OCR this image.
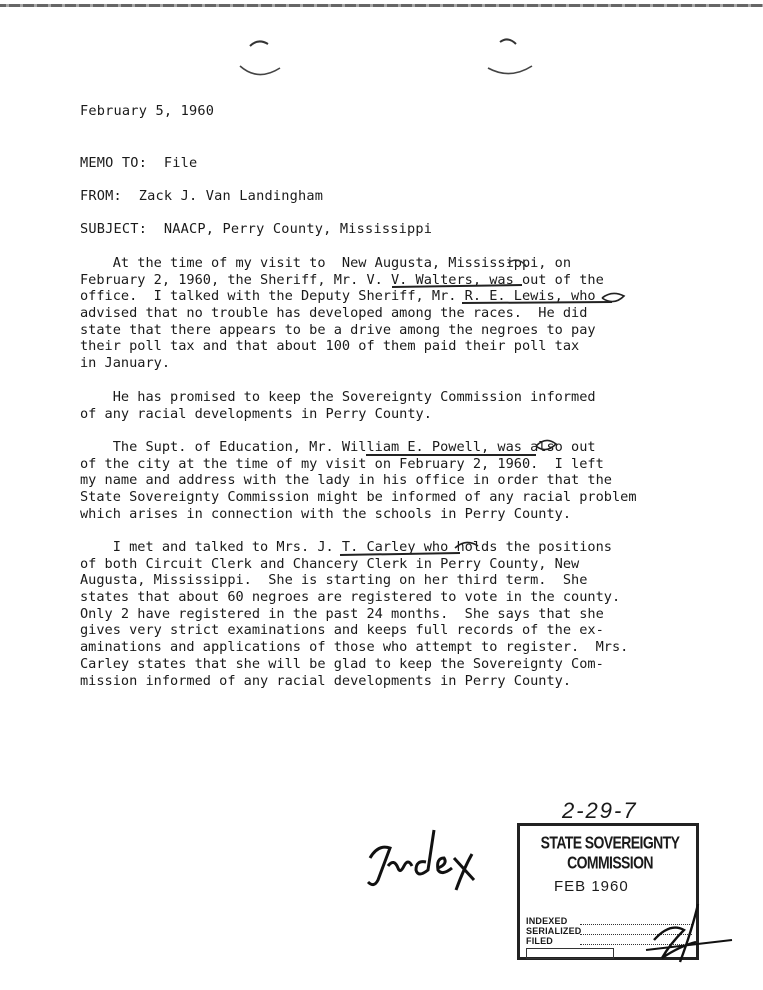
February 5, 1960
MEMO TO:  File
FROM:  Zack J. Van Landingham
SUBJECT:  NAACP, Perry County, Mississippi
At the time of my visit to  New Augusta, Mississippi, on
February 2, 1960, the Sheriff, Mr. V. V. Walters, was out of the
office.  I talked with the Deputy Sheriff, Mr. R. E. Lewis, who
advised that no trouble has developed among the races.  He did
state that there appears to be a drive among the negroes to pay
their poll tax and that about 100 of them paid their poll tax
in January.
He has promised to keep the Sovereignty Commission informed
of any racial developments in Perry County.
The Supt. of Education, Mr. William E. Powell, was also out
of the city at the time of my visit on February 2, 1960.  I left
my name and address with the lady in his office in order that the
State Sovereignty Commission might be informed of any racial problem
which arises in connection with the schools in Perry County.
I met and talked to Mrs. J. T. Carley who holds the positions
of both Circuit Clerk and Chancery Clerk in Perry County, New
Augusta, Mississippi.  She is starting on her third term.  She
states that about 60 negroes are registered to vote in the county.
Only 2 have registered in the past 24 months.  She says that she
gives very strict examinations and keeps full records of the ex-
aminations and applications of those who attempt to register.  Mrs.
Carley states that she will be glad to keep the Sovereignty Com-
mission informed of any racial developments in Perry County.
2-29-7
STATE SOVEREIGNTY COMMISSION
FEB 1960
INDEXED
SERIALIZED
FILED
